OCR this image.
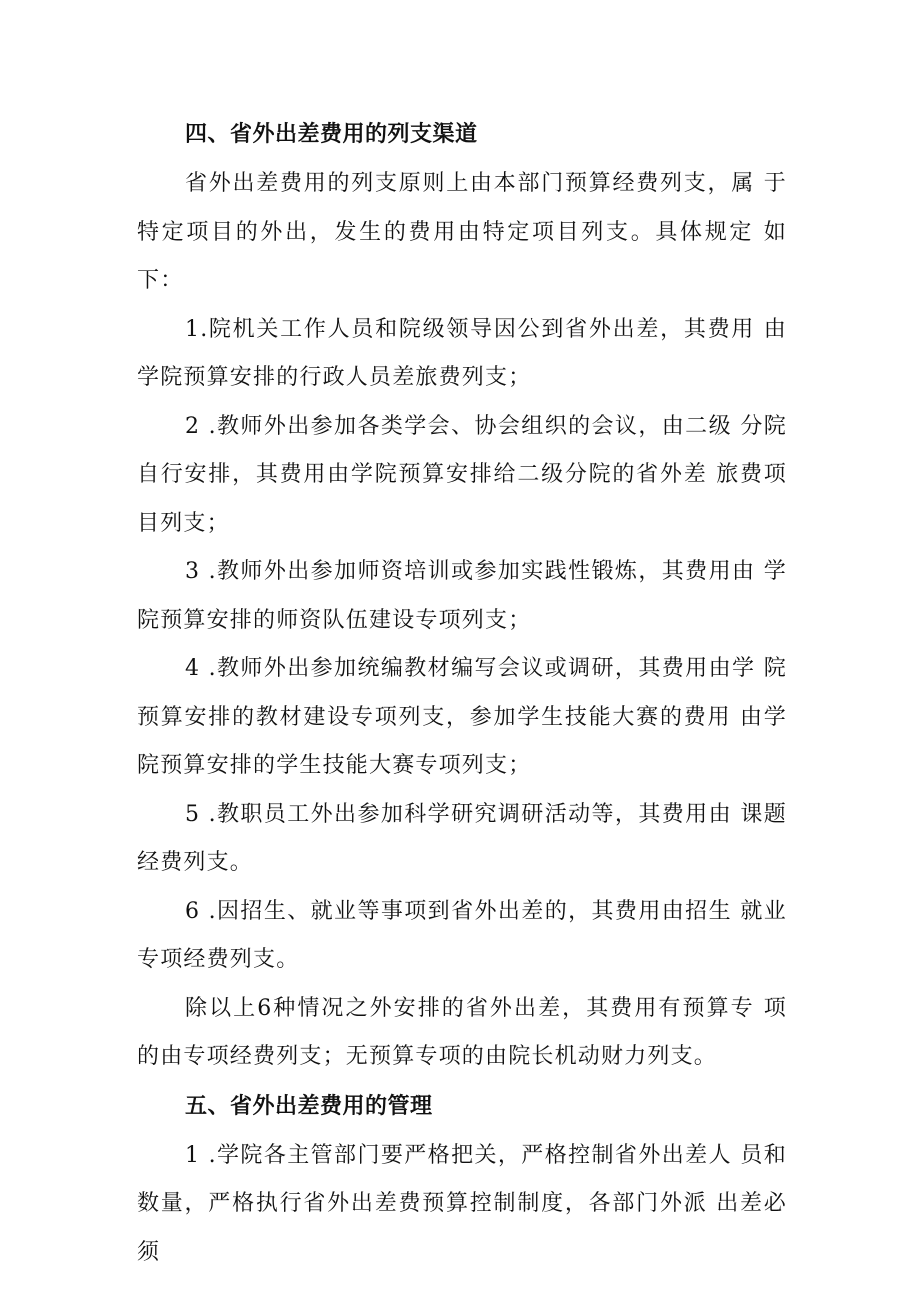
四、省外出差费用的列支渠道

省外出差费用的列支原则上由本部门预算经费列支，属 于特定项目的外出，发生的费用由特定项目列支。具体规定 如下：

1.院机关工作人员和院级领导因公到省外出差，其费用 由学院预算安排的行政人员差旅费列支；

2 .教师外出参加各类学会、协会组织的会议，由二级 分院自行安排，其费用由学院预算安排给二级分院的省外差 旅费项目列支；

3 .教师外出参加师资培训或参加实践性锻炼，其费用由 学院预算安排的师资队伍建设专项列支；

4 .教师外出参加统编教材编写会议或调研，其费用由学 院预算安排的教材建设专项列支，参加学生技能大赛的费用 由学院预算安排的学生技能大赛专项列支；

5 .教职员工外出参加科学研究调研活动等，其费用由 课题经费列支。

6 .因招生、就业等事项到省外出差的，其费用由招生 就业专项经费列支。

除以上6种情况之外安排的省外出差，其费用有预算专 项的由专项经费列支；无预算专项的由院长机动财力列支。

五、省外出差费用的管理

1 .学院各主管部门要严格把关，严格控制省外出差人 员和数量，严格执行省外出差费预算控制制度，各部门外派 出差必须
